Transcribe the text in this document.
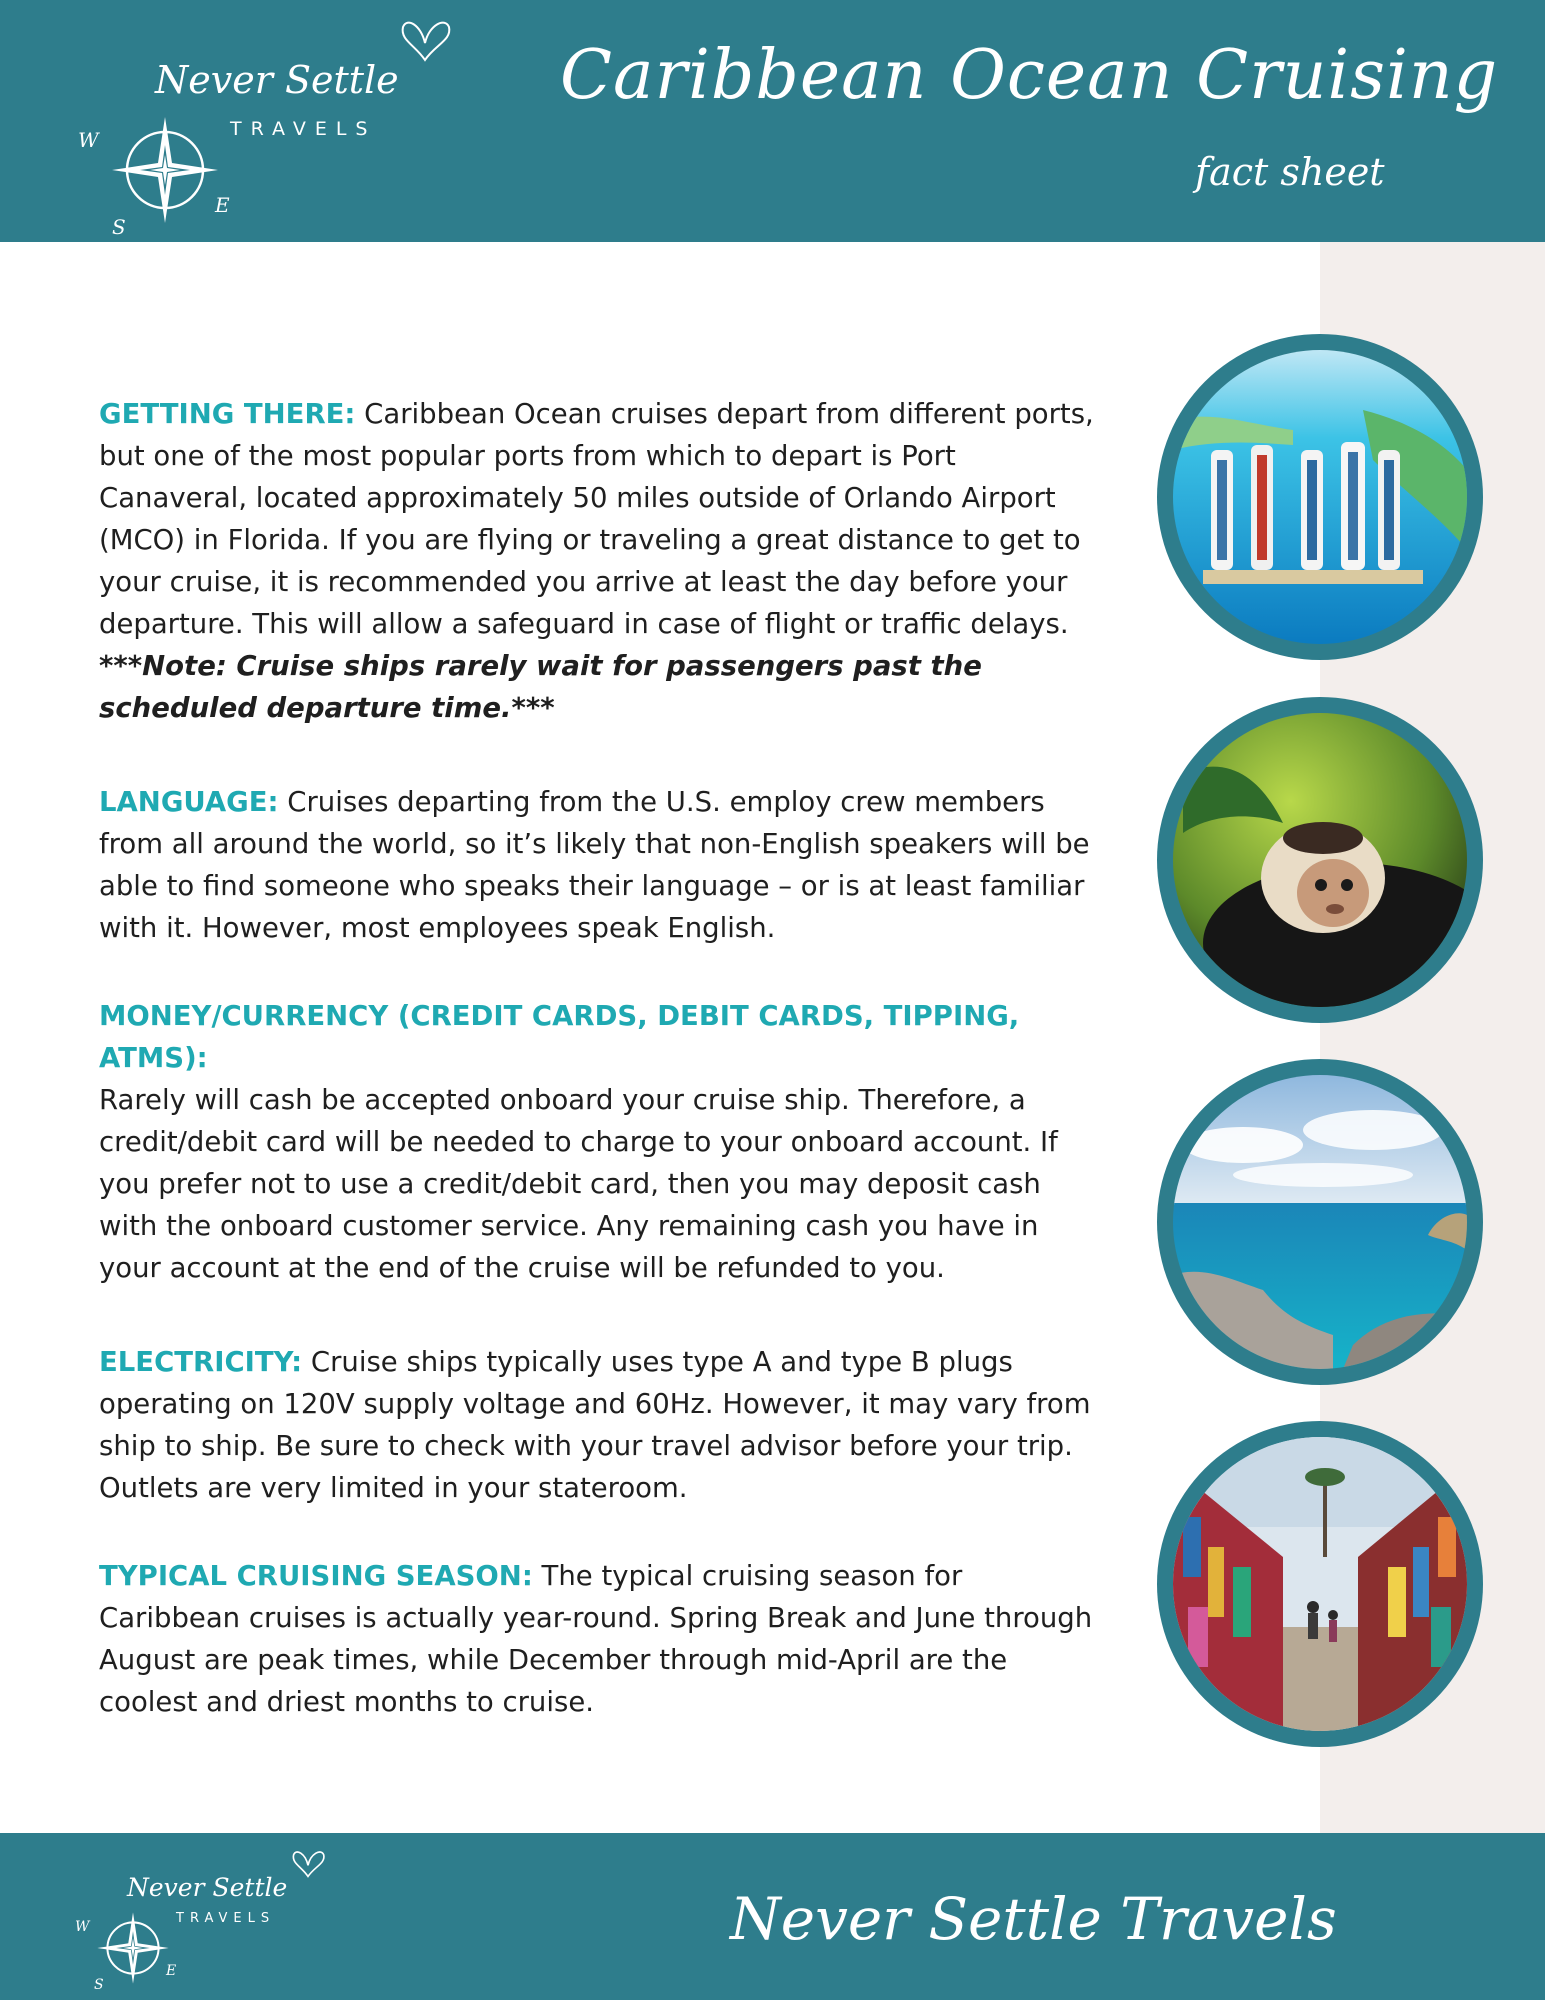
Never Settle
TRAVELS
W
E
S
Caribbean Ocean Cruising
fact sheet

GETTING THERE: Caribbean Ocean cruises depart from different ports, but one of the most popular ports from which to depart is Port Canaveral, located approximately 50 miles outside of Orlando Airport (MCO) in Florida. If you are flying or traveling a great distance to get to your cruise, it is recommended you arrive at least the day before your departure. This will allow a safeguard in case of flight or traffic delays.
***Note: Cruise ships rarely wait for passengers past the scheduled departure time.***

LANGUAGE: Cruises departing from the U.S. employ crew members from all around the world, so it’s likely that non-English speakers will be able to find someone who speaks their language – or is at least familiar with it. However, most employees speak English.

MONEY/CURRENCY (CREDIT CARDS, DEBIT CARDS, TIPPING, ATMS):
Rarely will cash be accepted onboard your cruise ship. Therefore, a credit/debit card will be needed to charge to your onboard account. If you prefer not to use a credit/debit card, then you may deposit cash with the onboard customer service. Any remaining cash you have in your account at the end of the cruise will be refunded to you.

ELECTRICITY: Cruise ships typically uses type A and type B plugs operating on 120V supply voltage and 60Hz. However, it may vary from ship to ship. Be sure to check with your travel advisor before your trip. Outlets are very limited in your stateroom.

TYPICAL CRUISING SEASON: The typical cruising season for Caribbean cruises is actually year-round. Spring Break and June through August are peak times, while December through mid-April are the coolest and driest months to cruise.

Never Settle
TRAVELS
W
E
S
Never Settle Travels
